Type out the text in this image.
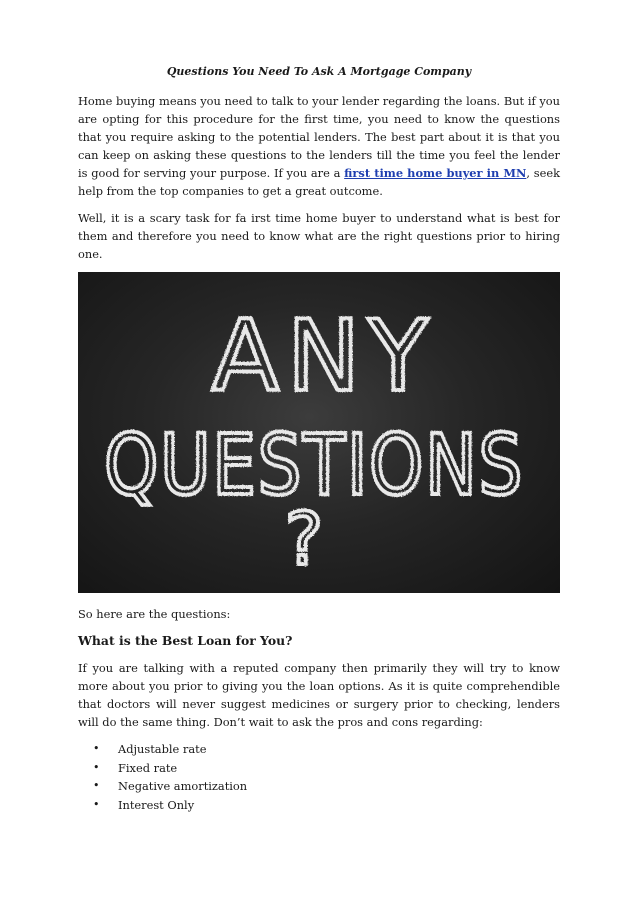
Questions You Need To Ask A Mortgage Company

Home buying means you need to talk to your lender regarding the loans. But if you are opting for this procedure for the first time, you need to know the questions that you require asking to the potential lenders. The best part about it is that you can keep on asking these questions to the lenders till the time you feel the lender is good for serving your purpose. If you are a first time home buyer in MN, seek help from the top companies to get a great outcome.

Well, it is a scary task for fa irst time home buyer to understand what is best for them and therefore you need to know what are the right questions prior to hiring one.

ANY
QUESTIONS
?

So here are the questions:

What is the Best Loan for You?

If you are talking with a reputed company then primarily they will try to know more about you prior to giving you the loan options. As it is quite comprehendible that doctors will never suggest medicines or surgery prior to checking, lenders will do the same thing. Don’t wait to ask the pros and cons regarding:

• Adjustable rate
• Fixed rate
• Negative amortization
• Interest Only
